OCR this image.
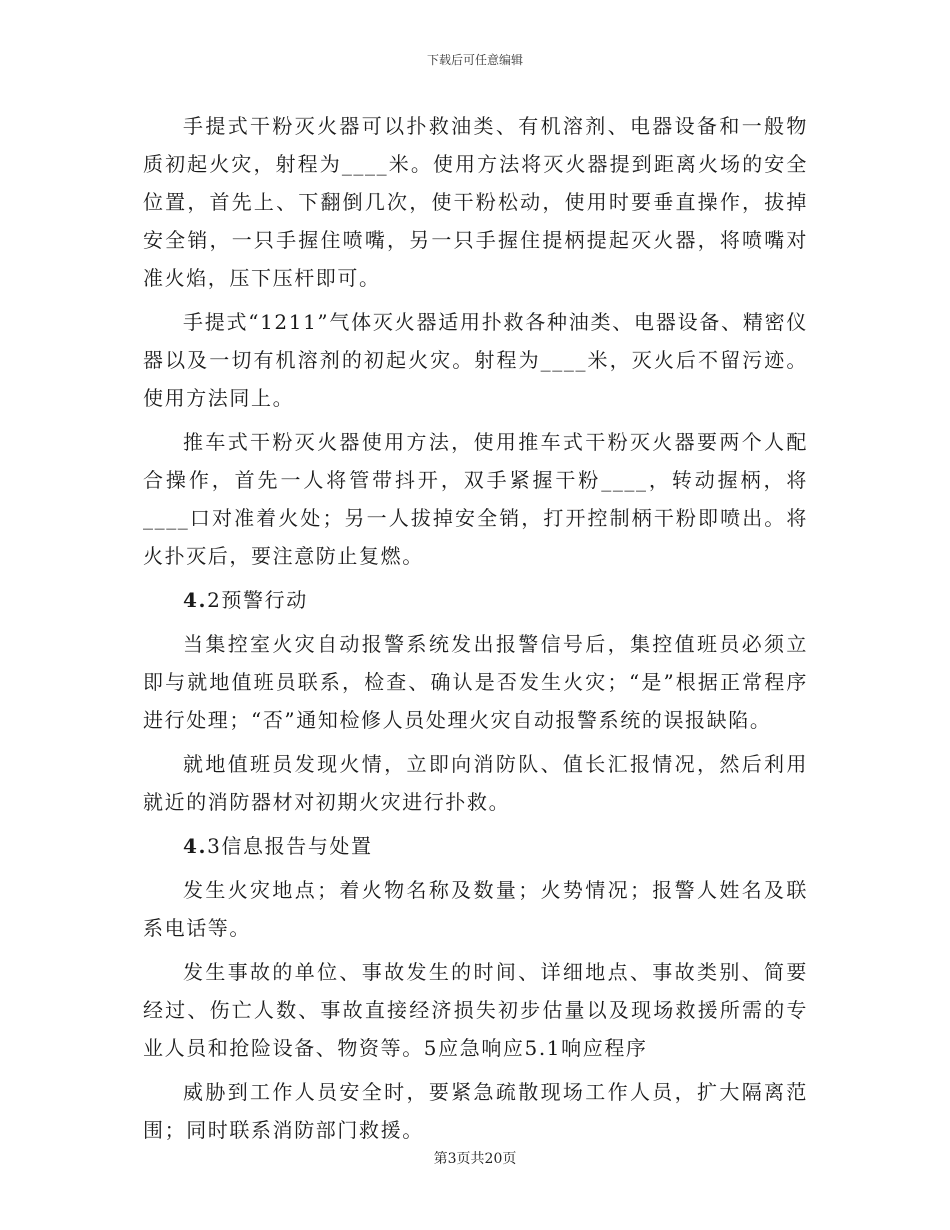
下载后可任意编辑

手提式干粉灭火器可以扑救油类、有机溶剂、电器设备和一般物质初起火灾，射程为____米。使用方法将灭火器提到距离火场的安全位置，首先上、下翻倒几次，使干粉松动，使用时要垂直操作，拔掉安全销，一只手握住喷嘴，另一只手握住提柄提起灭火器，将喷嘴对准火焰，压下压杆即可。

手提式“1211”气体灭火器适用扑救各种油类、电器设备、精密仪器以及一切有机溶剂的初起火灾。射程为____米，灭火后不留污迹。使用方法同上。

推车式干粉灭火器使用方法，使用推车式干粉灭火器要两个人配合操作，首先一人将管带抖开，双手紧握干粉____，转动握柄，将____口对准着火处；另一人拔掉安全销，打开控制柄干粉即喷出。将火扑灭后，要注意防止复燃。

4.2预警行动

当集控室火灾自动报警系统发出报警信号后，集控值班员必须立即与就地值班员联系，检查、确认是否发生火灾；“是”根据正常程序进行处理；“否”通知检修人员处理火灾自动报警系统的误报缺陷。

就地值班员发现火情，立即向消防队、值长汇报情况，然后利用就近的消防器材对初期火灾进行扑救。

4.3信息报告与处置

发生火灾地点；着火物名称及数量；火势情况；报警人姓名及联系电话等。

发生事故的单位、事故发生的时间、详细地点、事故类别、简要经过、伤亡人数、事故直接经济损失初步估量以及现场救援所需的专业人员和抢险设备、物资等。5应急响应5.1响应程序

威胁到工作人员安全时，要紧急疏散现场工作人员，扩大隔离范围；同时联系消防部门救援。

第3页共20页
